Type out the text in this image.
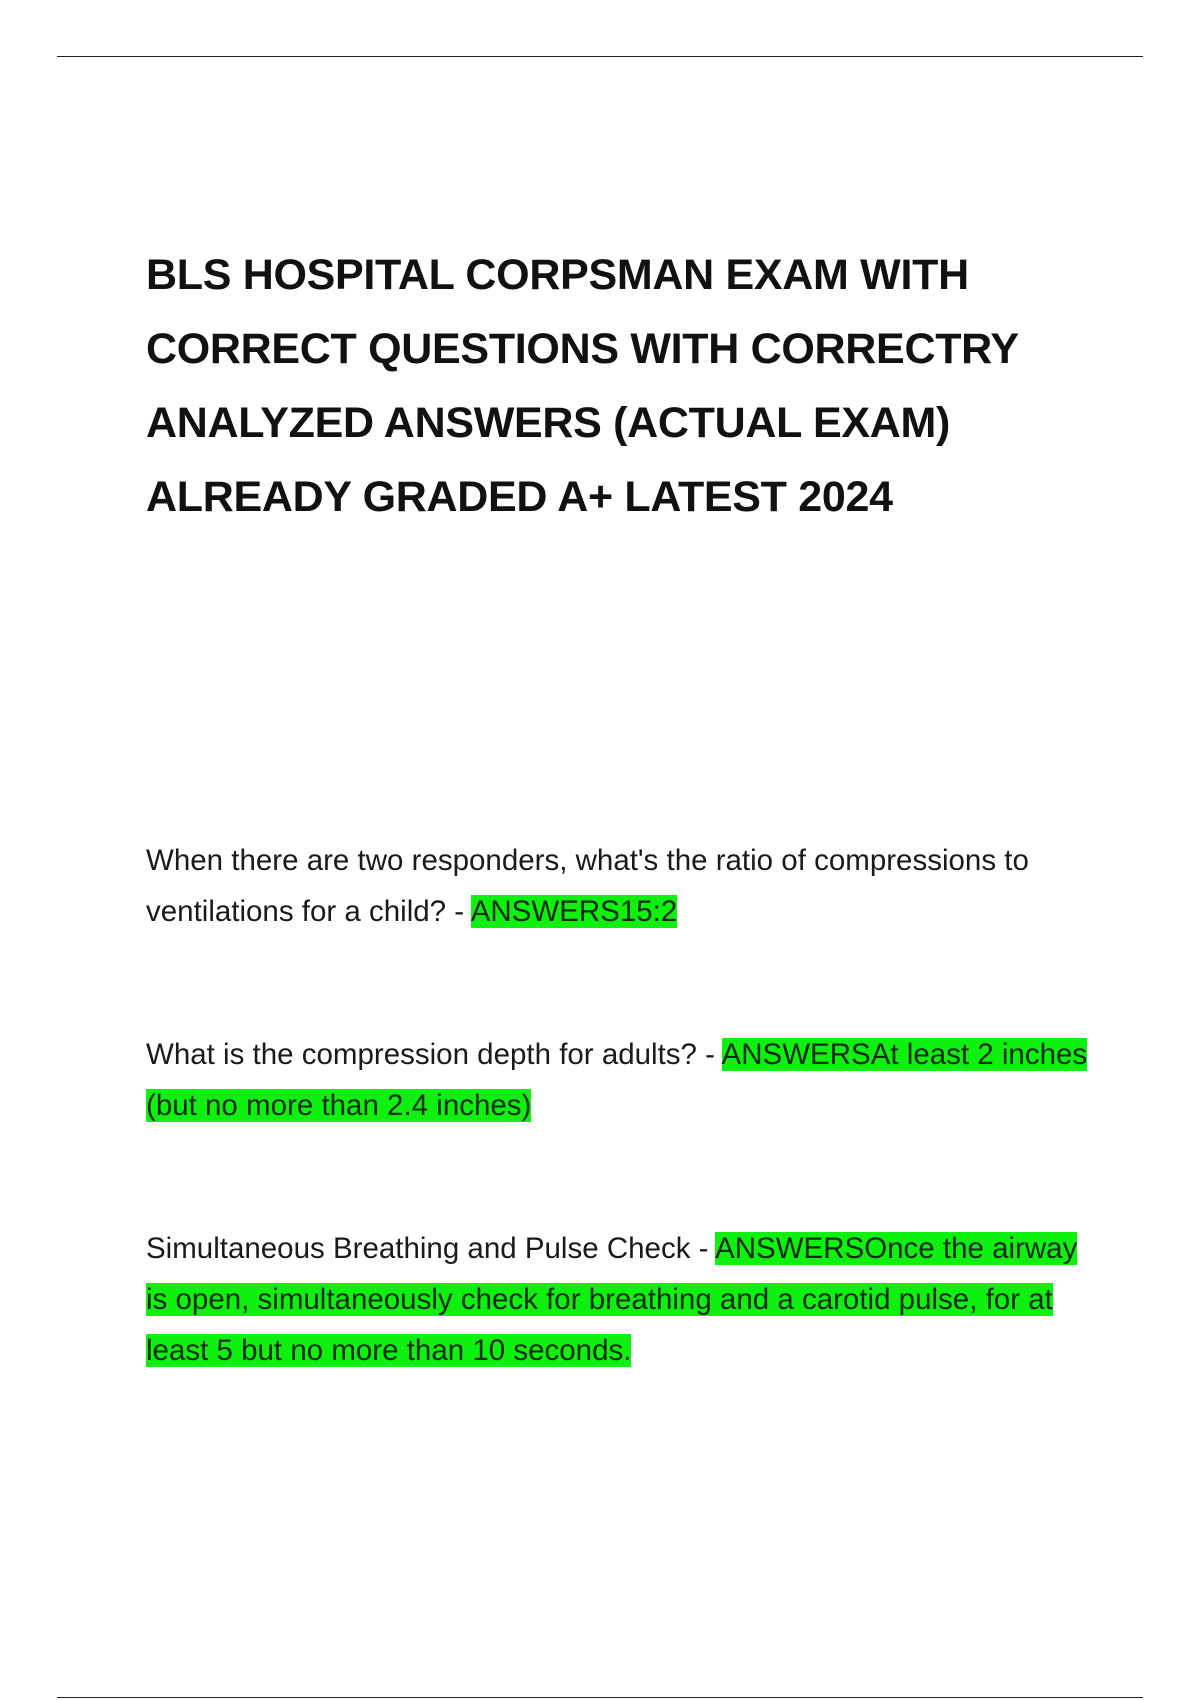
BLS HOSPITAL CORPSMAN EXAM WITH CORRECT QUESTIONS WITH CORRECTRY ANALYZED ANSWERS (ACTUAL EXAM) ALREADY GRADED A+ LATEST 2024

When there are two responders, what's the ratio of compressions to ventilations for a child? - ANSWERS15:2

What is the compression depth for adults? - ANSWERSAt least 2 inches (but no more than 2.4 inches)

Simultaneous Breathing and Pulse Check - ANSWERSOnce the airway is open, simultaneously check for breathing and a carotid pulse, for at least 5 but no more than 10 seconds.
